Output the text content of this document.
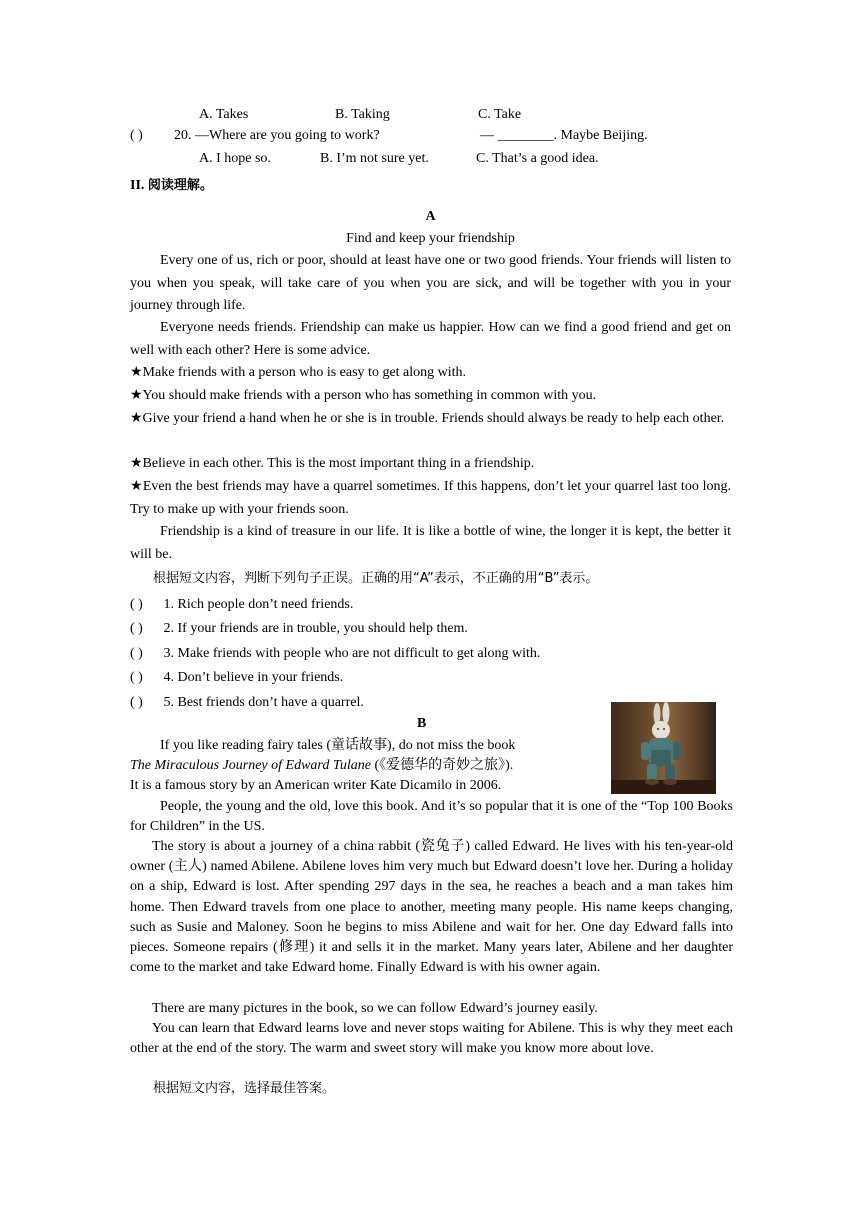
A. Takes	B. Taking	C. Take
( ) 20. —Where are you going to work?	— ________. Maybe Beijing.
A. I hope so.	B. I’m not sure yet.	C. That’s a good idea.
II. 阅读理解。
A
Find and keep your friendship
Every one of us, rich or poor, should at least have one or two good friends. Your friends will listen to you when you speak, will take care of you when you are sick, and will be together with you in your journey through life.
Everyone needs friends. Friendship can make us happier. How can we find a good friend and get on well with each other? Here is some advice.
★Make friends with a person who is easy to get along with.
★You should make friends with a person who has something in common with you.
★Give your friend a hand when he or she is in trouble. Friends should always be ready to help each other.
★Believe in each other. This is the most important thing in a friendship.
★Even the best friends may have a quarrel sometimes. If this happens, don’t let your quarrel last too long. Try to make up with your friends soon.
Friendship is a kind of treasure in our life. It is like a bottle of wine, the longer it is kept, the better it will be.
根据短文内容，判断下列句子正误。正确的用“A”表示，不正确的用“B”表示。
( ) 1. Rich people don’t need friends.
( ) 2. If your friends are in trouble, you should help them.
( ) 3. Make friends with people who are not difficult to get along with.
( ) 4. Don’t believe in your friends.
( ) 5. Best friends don’t have a quarrel.
B
If you like reading fairy tales (童话故事), do not miss the book
The Miraculous Journey of Edward Tulane (《爱德华的奇妙之旅》).
It is a famous story by an American writer Kate Dicamilo in 2006.
People, the young and the old, love this book. And it’s so popular that it is one of the “Top 100 Books for Children” in the US.
The story is about a journey of a china rabbit (瓷兔子) called Edward. He lives with his ten-year-old owner (主人) named Abilene. Abilene loves him very much but Edward doesn’t love her. During a holiday on a ship, Edward is lost. After spending 297 days in the sea, he reaches a beach and a man takes him home. Then Edward travels from one place to another, meeting many people. His name keeps changing, such as Susie and Maloney. Soon he begins to miss Abilene and wait for her. One day Edward falls into pieces. Someone repairs (修理) it and sells it in the market. Many years later, Abilene and her daughter come to the market and take Edward home. Finally Edward is with his owner again.
There are many pictures in the book, so we can follow Edward’s journey easily.
You can learn that Edward learns love and never stops waiting for Abilene. This is why they meet each other at the end of the story. The warm and sweet story will make you know more about love.
根据短文内容，选择最佳答案。
